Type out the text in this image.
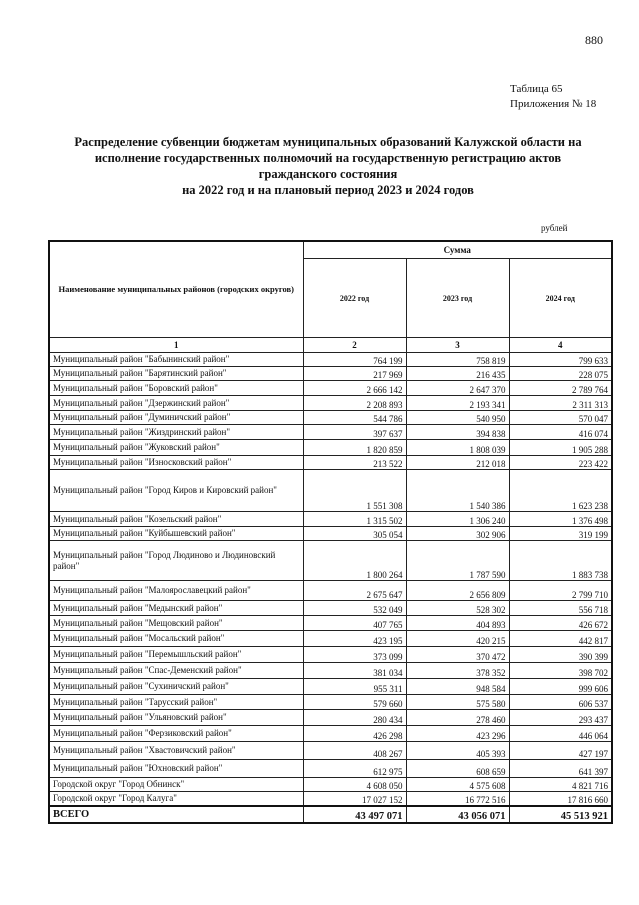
880
Таблица 65
Приложения № 18
Распределение субвенции бюджетам муниципальных образований Калужской области на
исполнение государственных полномочий на государственную регистрацию актов
гражданского состояния
на 2022 год и на плановый период 2023 и 2024 годов
рублей
Наименование муниципальных районов (городских округов)	Сумма		
	2022 год	2023 год	2024 год
1	2	3	4
Муниципальный район "Бабынинский район"	764 199	758 819	799 633
Муниципальный район "Барятинский район"	217 969	216 435	228 075
Муниципальный район "Боровский район"	2 666 142	2 647 370	2 789 764
Муниципальный район "Дзержинский район"	2 208 893	2 193 341	2 311 313
Муниципальный район "Думиничский район"	544 786	540 950	570 047
Муниципальный район "Жиздринский район"	397 637	394 838	416 074
Муниципальный район "Жуковский район"	1 820 859	1 808 039	1 905 288
Муниципальный район "Износковский район"	213 522	212 018	223 422
Муниципальный район "Город Киров и Кировский район"	1 551 308	1 540 386	1 623 238
Муниципальный район "Козельский район"	1 315 502	1 306 240	1 376 498
Муниципальный район "Куйбышевский район"	305 054	302 906	319 199
Муниципальный район "Город Людиново и Людиновский район"	1 800 264	1 787 590	1 883 738
Муниципальный район "Малоярославецкий район"	2 675 647	2 656 809	2 799 710
Муниципальный район "Медынский район"	532 049	528 302	556 718
Муниципальный район "Мещовский район"	407 765	404 893	426 672
Муниципальный район "Мосальский район"	423 195	420 215	442 817
Муниципальный район "Перемышльский район"	373 099	370 472	390 399
Муниципальный район "Спас-Деменский район"	381 034	378 352	398 702
Муниципальный район "Сухиничский район"	955 311	948 584	999 606
Муниципальный район "Тарусский район"	579 660	575 580	606 537
Муниципальный район "Ульяновский район"	280 434	278 460	293 437
Муниципальный район "Ферзиковский район"	426 298	423 296	446 064
Муниципальный район "Хвастовичский район"	408 267	405 393	427 197
Муниципальный район "Юхновский район"	612 975	608 659	641 397
Городской округ "Город Обнинск"	4 608 050	4 575 608	4 821 716
Городской округ "Город Калуга"	17 027 152	16 772 516	17 816 660
ВСЕГО	43 497 071	43 056 071	45 513 921
